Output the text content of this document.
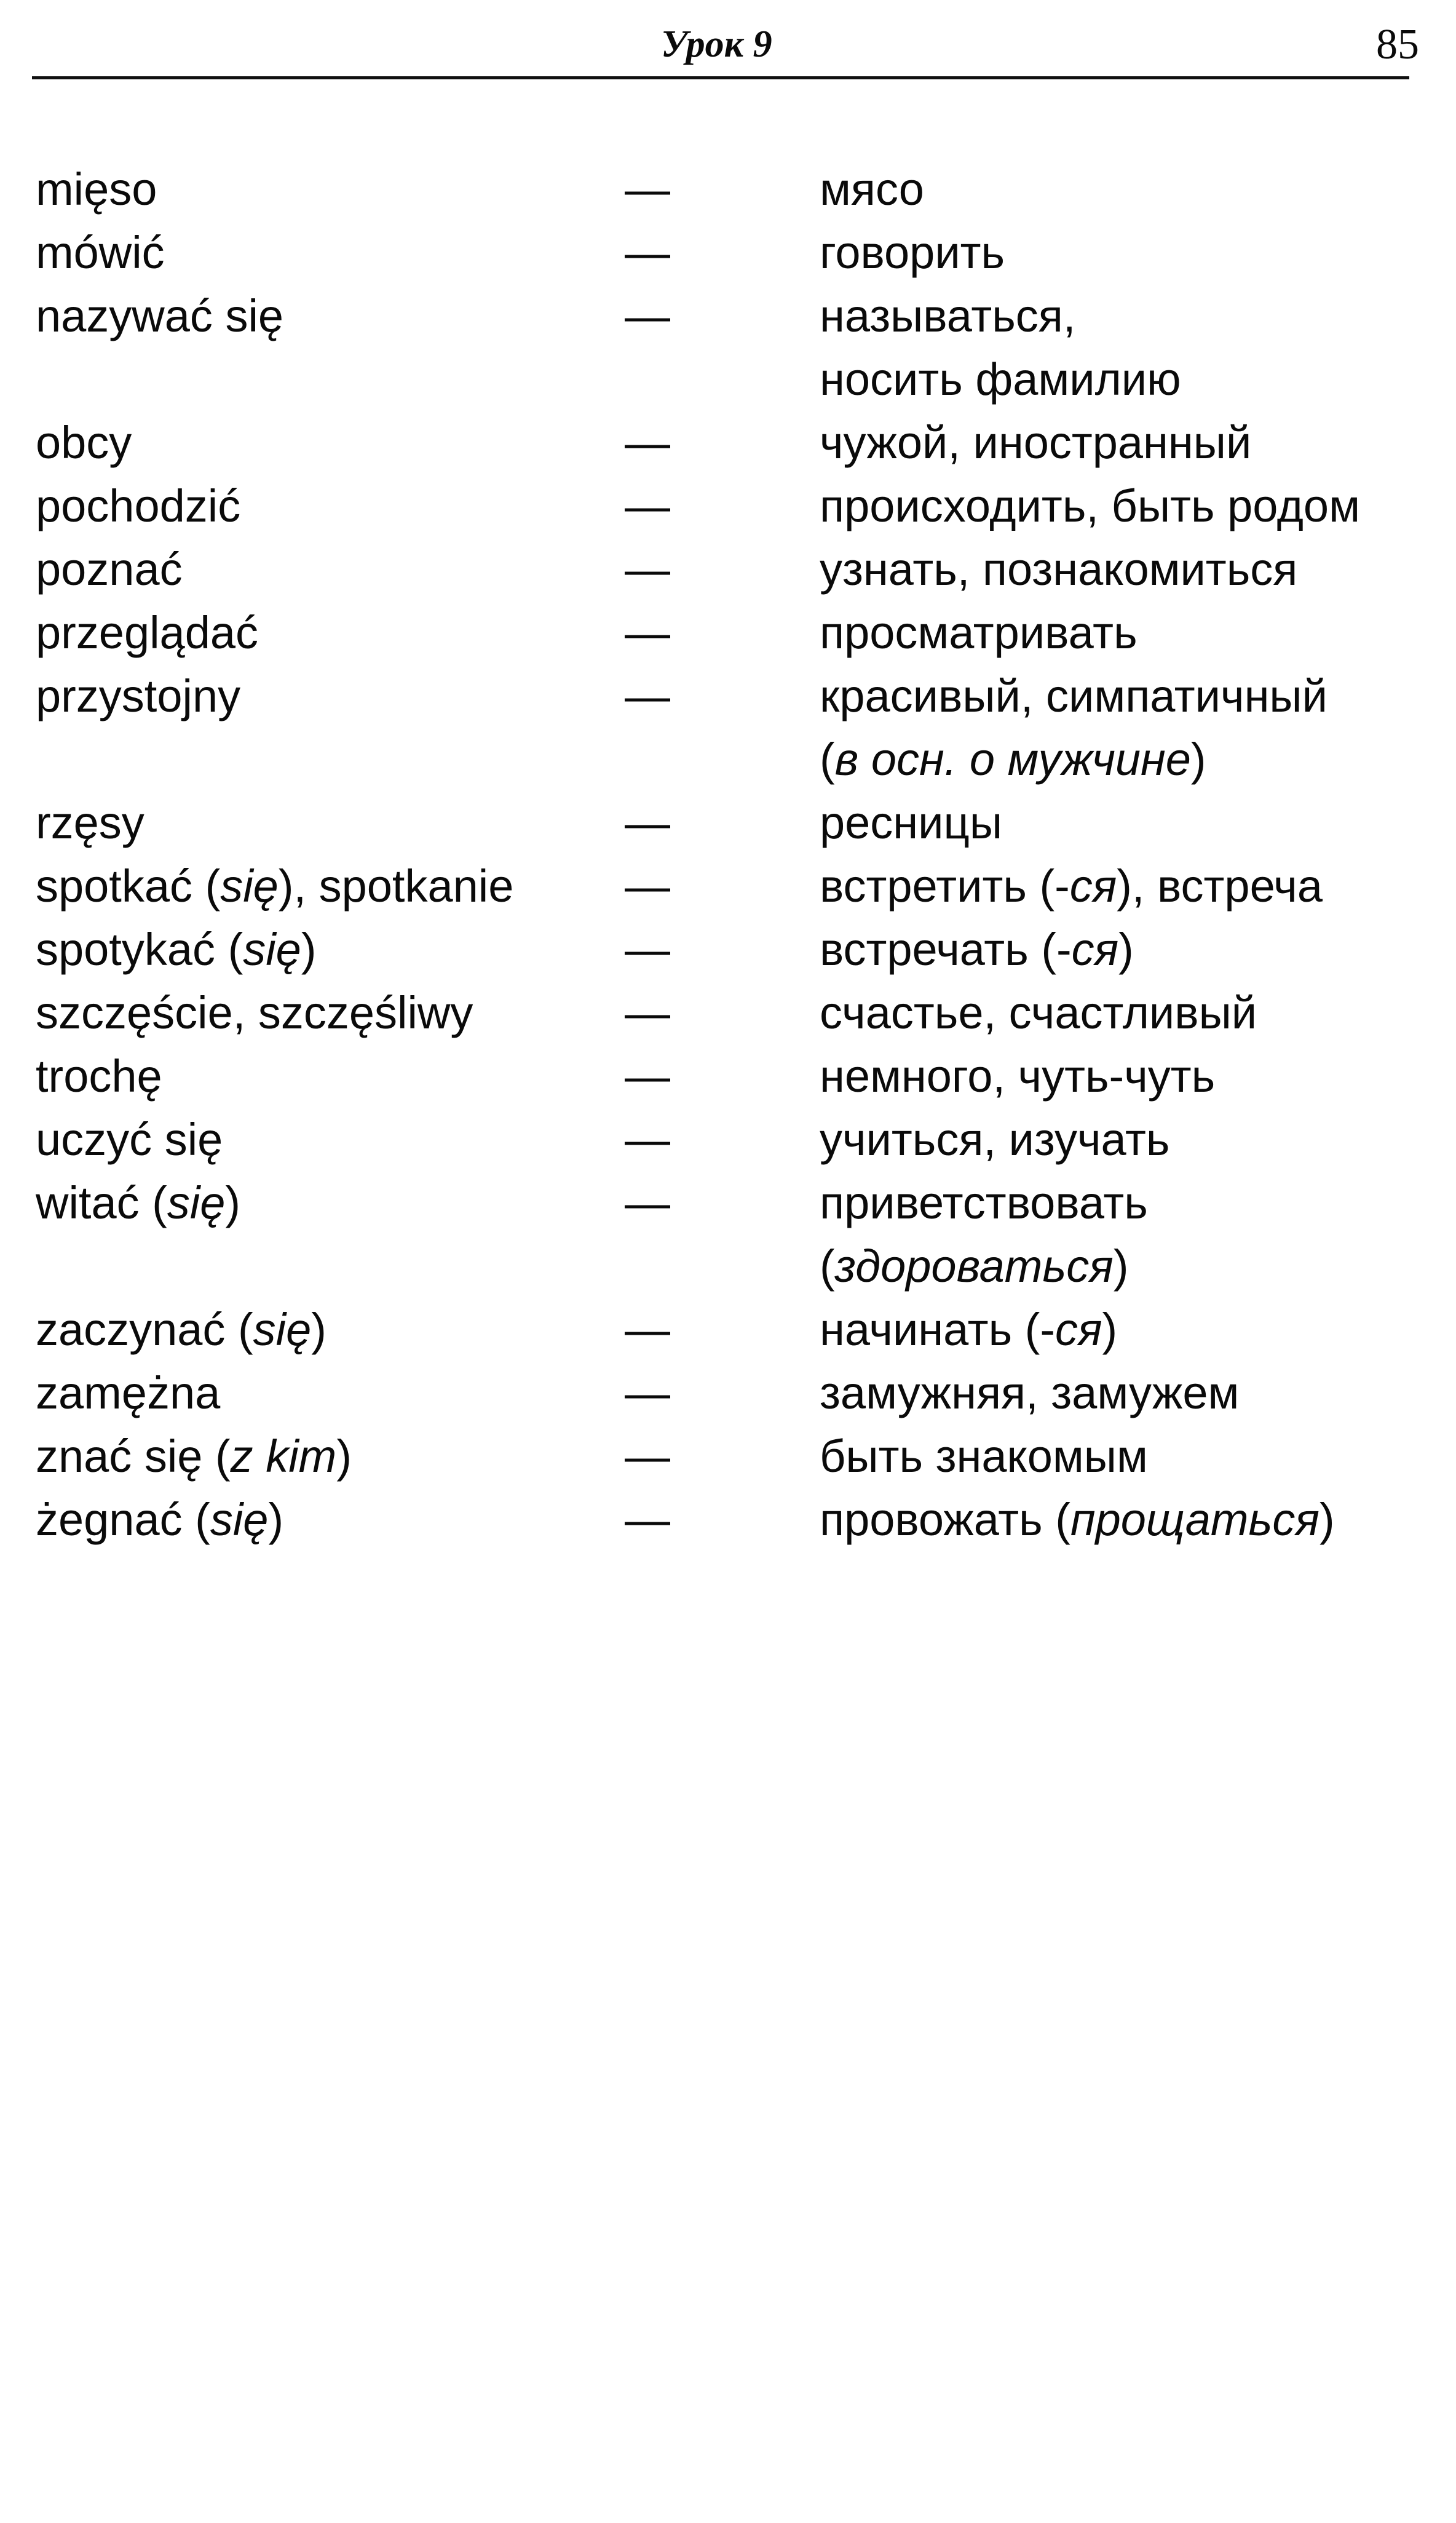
Урок 9	85
mięso	—	мясо
mówić	—	говорить
nazywać się	—	называться,
носить фамилию
obcy	—	чужой, иностранный
pochodzić	—	происходить, быть родом
poznać	—	узнать, познакомиться
przeglądać	—	просматривать
przystojny	—	красивый, симпатичный
(в осн. о мужчине)
rzęsy	—	ресницы
spotkać (się), spotkanie	—	встретить (-ся), встреча
spotykać (się)	—	встречать (-ся)
szczęście, szczęśliwy	—	счастье, счастливый
trochę	—	немного, чуть-чуть
uczyć się	—	учиться, изучать
witać (się)	—	приветствовать
(здороваться)
zaczynać (się)	—	начинать (-ся)
zamężna	—	замужняя, замужем
znać się (z kim)	—	быть знакомым
żegnać (się)	—	провожать (прощаться)
